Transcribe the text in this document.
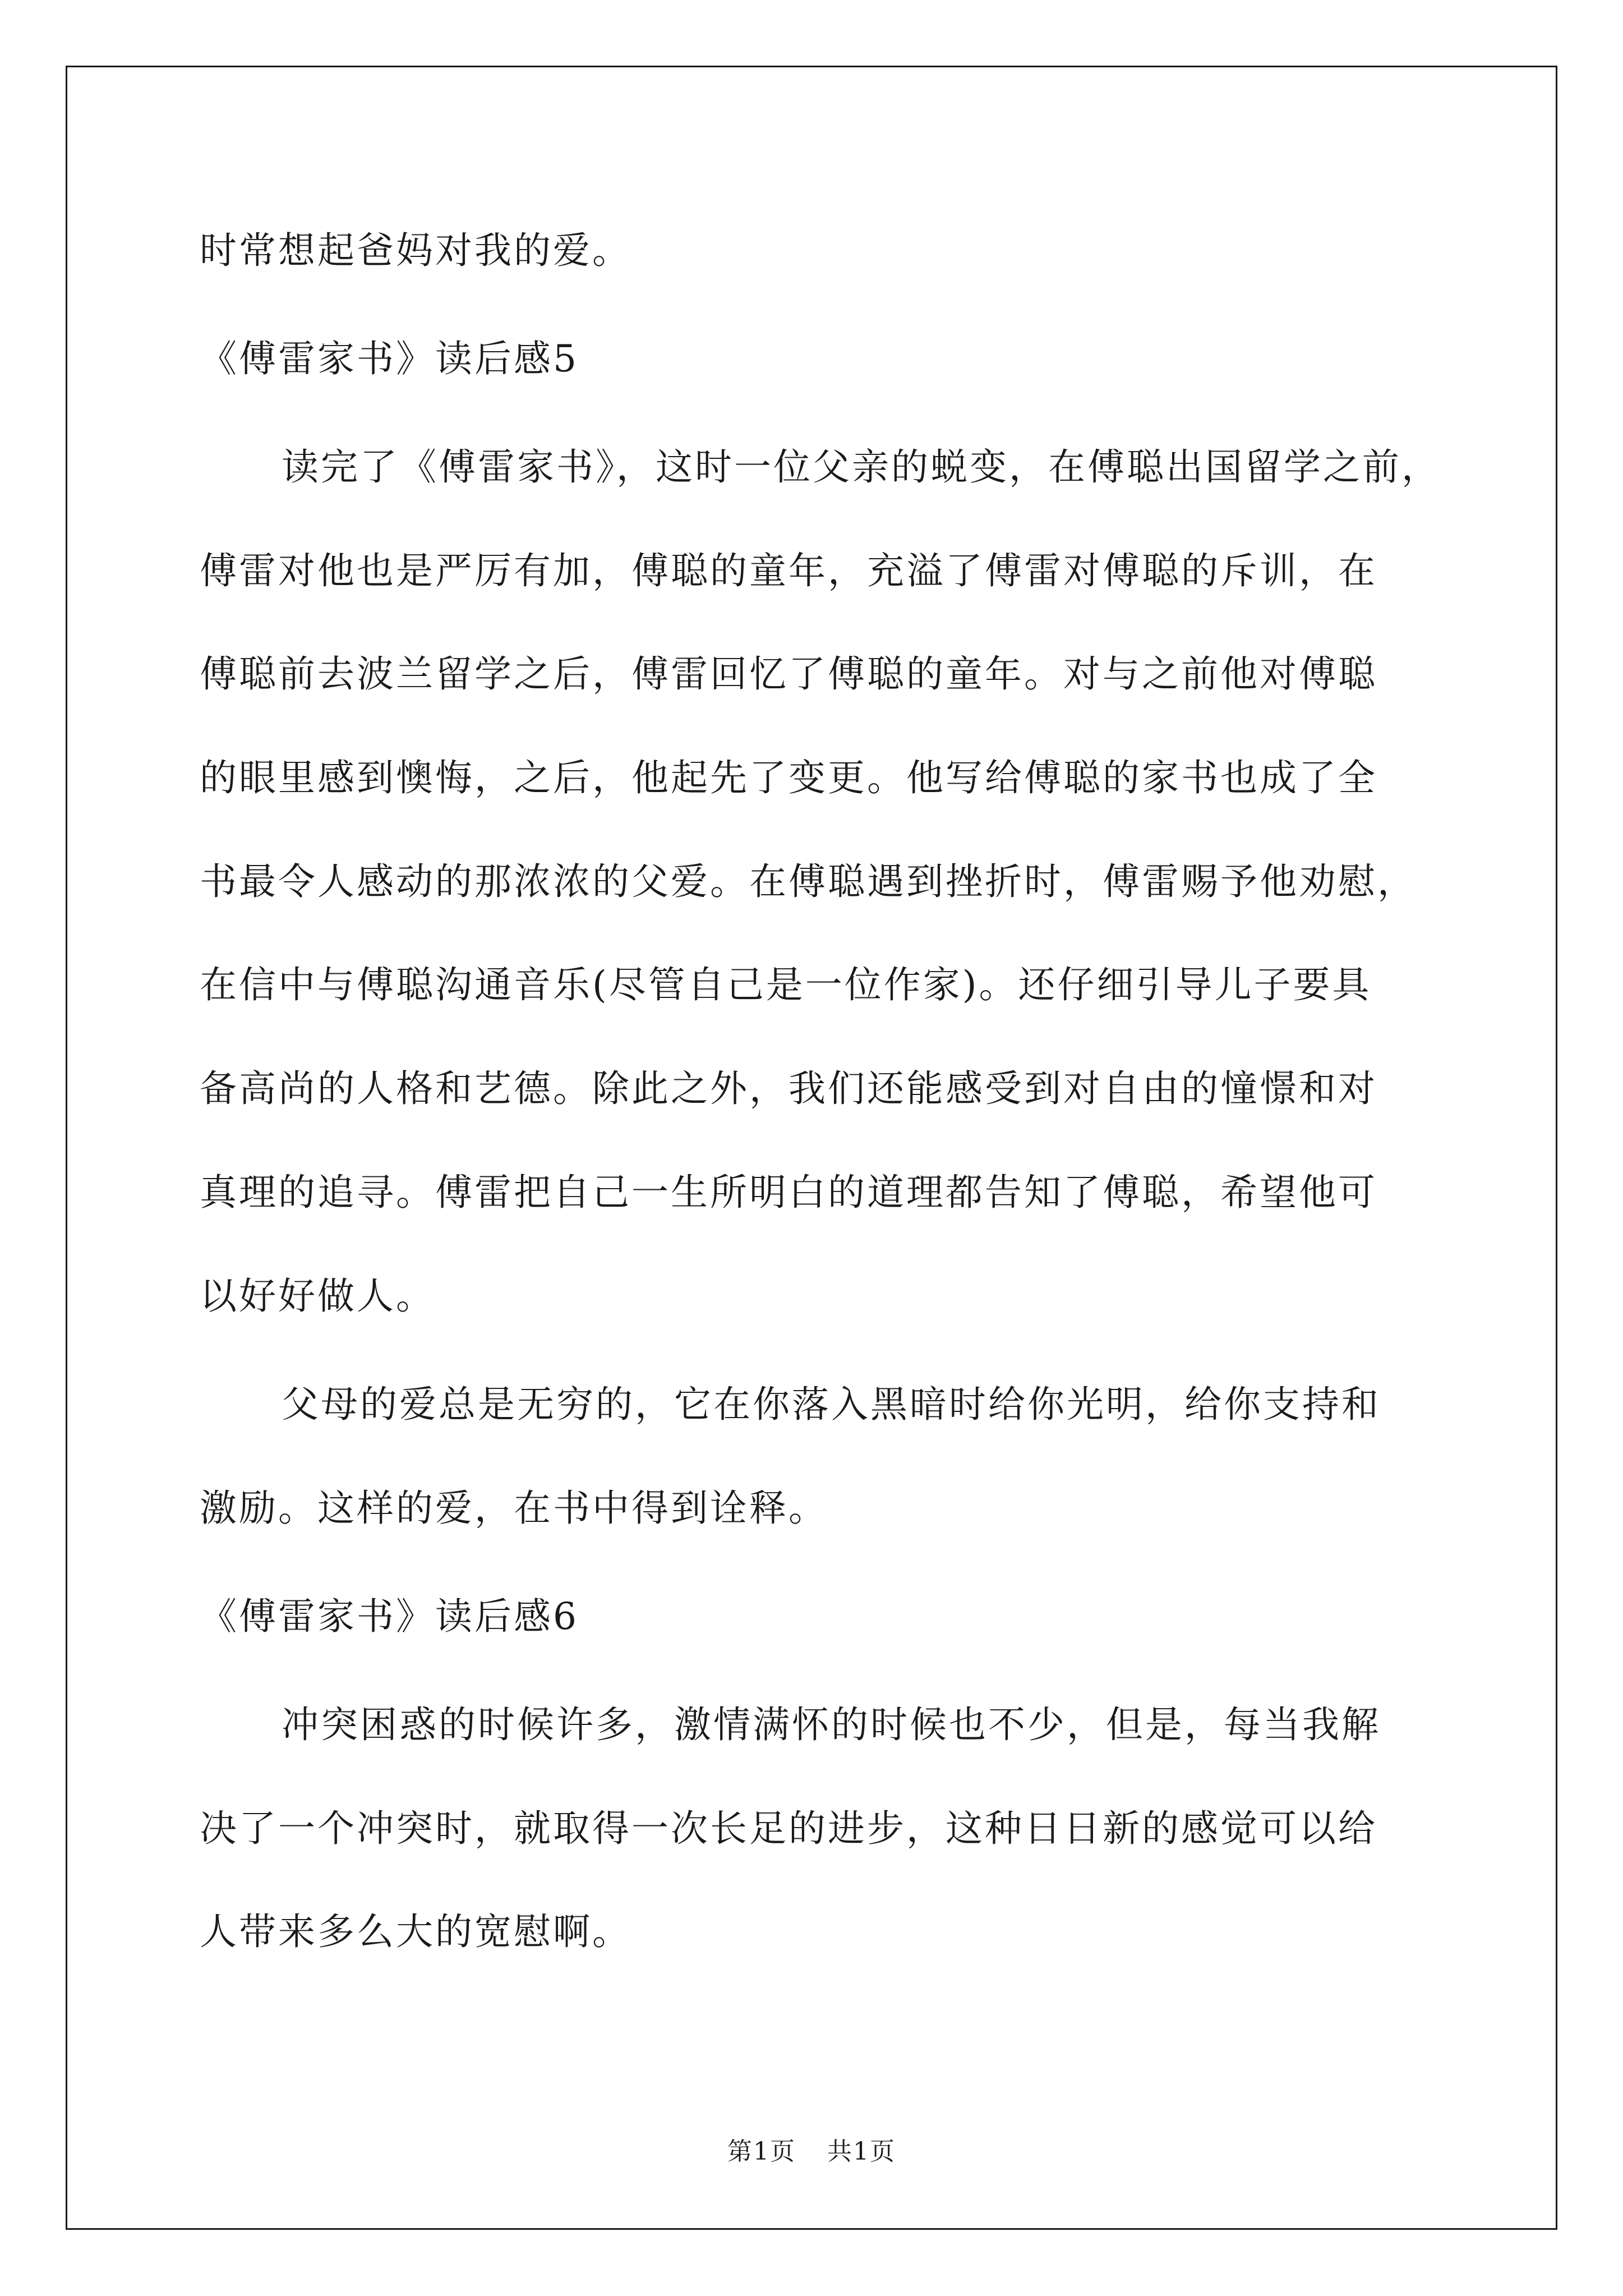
时常想起爸妈对我的爱。
《傅雷家书》读后感5
读完了《傅雷家书》，这时一位父亲的蜕变，在傅聪出国留学之前，
傅雷对他也是严厉有加，傅聪的童年，充溢了傅雷对傅聪的斥训，在
傅聪前去波兰留学之后，傅雷回忆了傅聪的童年。对与之前他对傅聪
的眼里感到懊悔，之后，他起先了变更。他写给傅聪的家书也成了全
书最令人感动的那浓浓的父爱。在傅聪遇到挫折时，傅雷赐予他劝慰，
在信中与傅聪沟通音乐(尽管自己是一位作家)。还仔细引导儿子要具
备高尚的人格和艺德。除此之外，我们还能感受到对自由的憧憬和对
真理的追寻。傅雷把自己一生所明白的道理都告知了傅聪，希望他可
以好好做人。
父母的爱总是无穷的，它在你落入黑暗时给你光明，给你支持和
激励。这样的爱，在书中得到诠释。
《傅雷家书》读后感6
冲突困惑的时候许多，激情满怀的时候也不少，但是，每当我解
决了一个冲突时，就取得一次长足的进步，这种日日新的感觉可以给
人带来多么大的宽慰啊。
第1页 共1页
